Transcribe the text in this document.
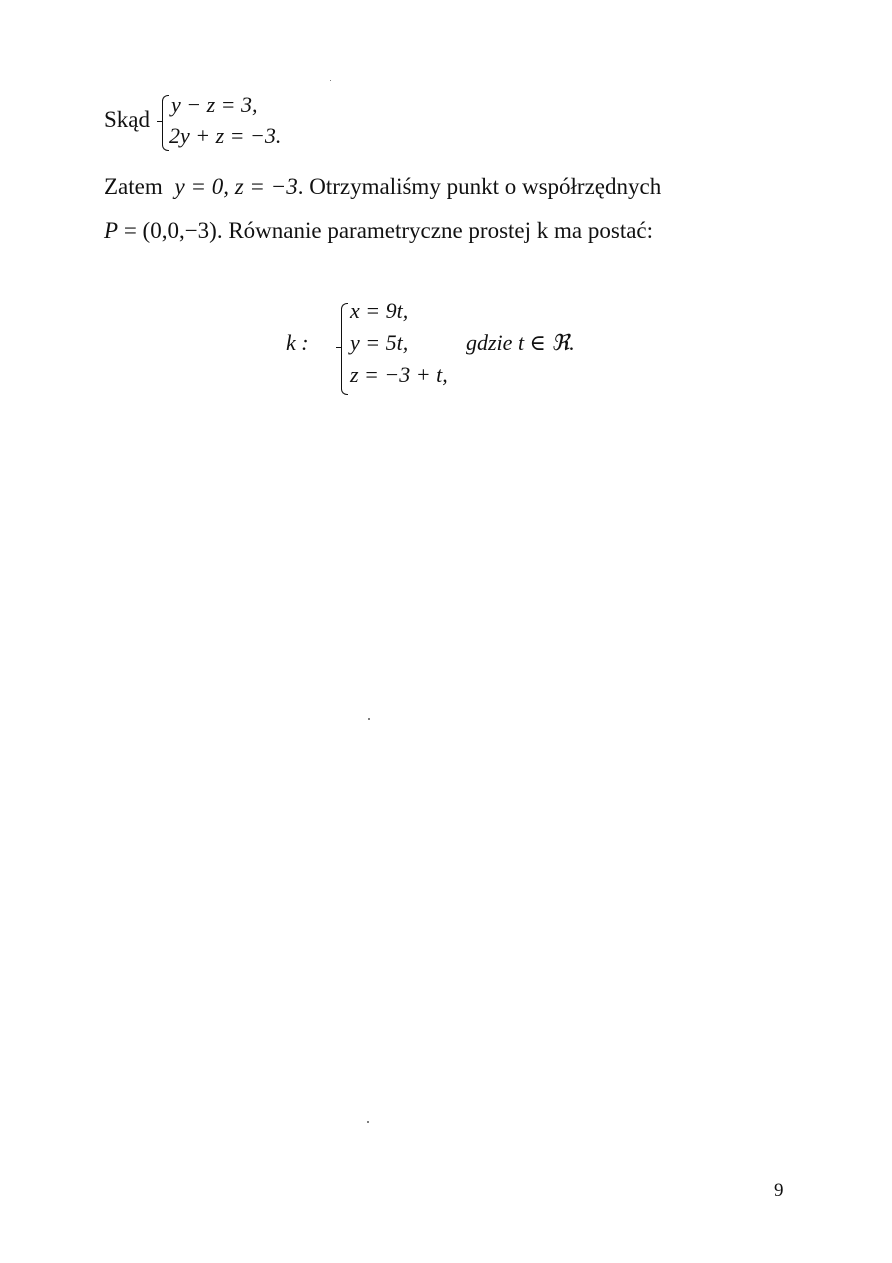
Skąd
y − z = 3,
2y + z = −3.
Zatem y = 0, z = −3. Otrzymaliśmy punkt o współrzędnych
P = (0,0,−3). Równanie parametryczne prostej k ma postać:
k :
x = 9t,
y = 5t,
z = −3 + t,
gdzie t ∈ ℜ.
9
